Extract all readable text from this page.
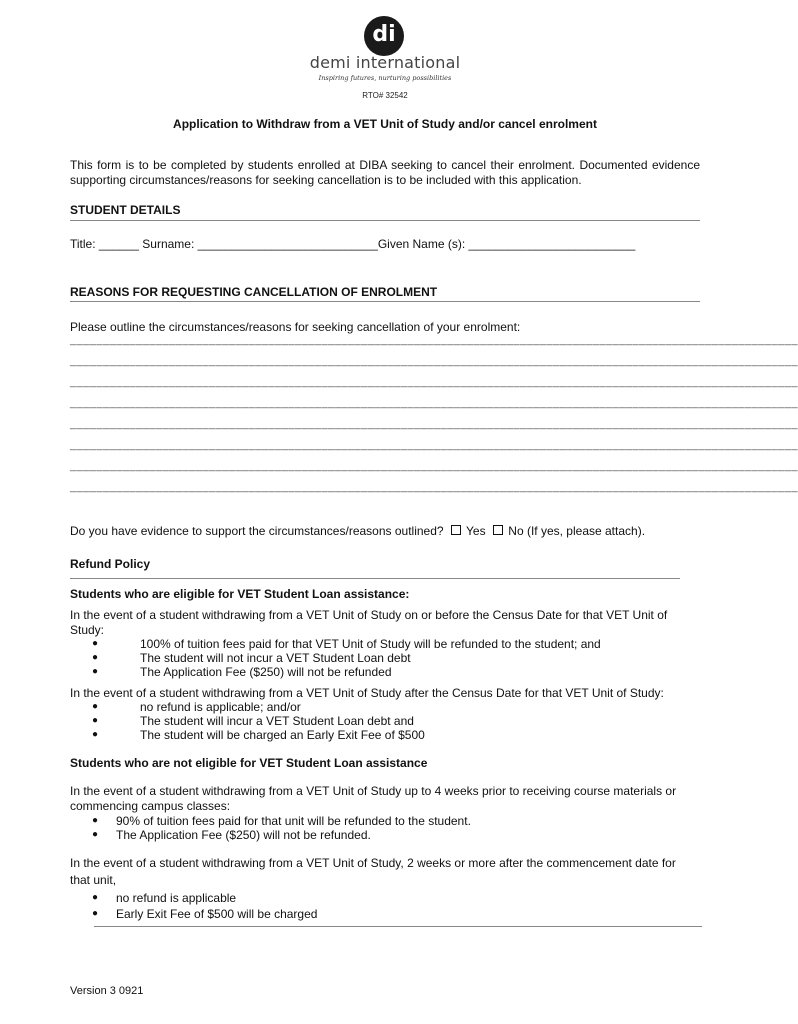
di
demi international
Inspiring futures, nurturing possibilities
RTO# 32542
Application to Withdraw from a VET Unit of Study and/or cancel enrolment
This form is to be completed by students enrolled at DIBA seeking to cancel their enrolment. Documented evidence supporting circumstances/reasons for seeking cancellation is to be included with this application.
STUDENT DETAILS
Title: ______ Surname: ___________________________Given Name (s): _________________________
REASONS FOR REQUESTING CANCELLATION OF ENROLMENT
Please outline the circumstances/reasons for seeking cancellation of your enrolment:
______________________________________________________________________________________________________________
______________________________________________________________________________________________________________
______________________________________________________________________________________________________________
______________________________________________________________________________________________________________
______________________________________________________________________________________________________________
______________________________________________________________________________________________________________
______________________________________________________________________________________________________________
______________________________________________________________________________________________________________
Do you have evidence to support the circumstances/reasons outlined? Yes No (If yes, please attach).
Refund Policy
Students who are eligible for VET Student Loan assistance:
In the event of a student withdrawing from a VET Unit of Study on or before the Census Date for that VET Unit of Study:
●	100% of tuition fees paid for that VET Unit of Study will be refunded to the student; and
●	The student will not incur a VET Student Loan debt
●	The Application Fee ($250) will not be refunded
In the event of a student withdrawing from a VET Unit of Study after the Census Date for that VET Unit of Study:
●	no refund is applicable; and/or
●	The student will incur a VET Student Loan debt and
●	The student will be charged an Early Exit Fee of $500
Students who are not eligible for VET Student Loan assistance
In the event of a student withdrawing from a VET Unit of Study up to 4 weeks prior to receiving course materials or commencing campus classes:
● 90% of tuition fees paid for that unit will be refunded to the student.
● The Application Fee ($250) will not be refunded.
In the event of a student withdrawing from a VET Unit of Study, 2 weeks or more after the commencement date for that unit,
● no refund is applicable
● Early Exit Fee of $500 will be charged
Version 3 0921
